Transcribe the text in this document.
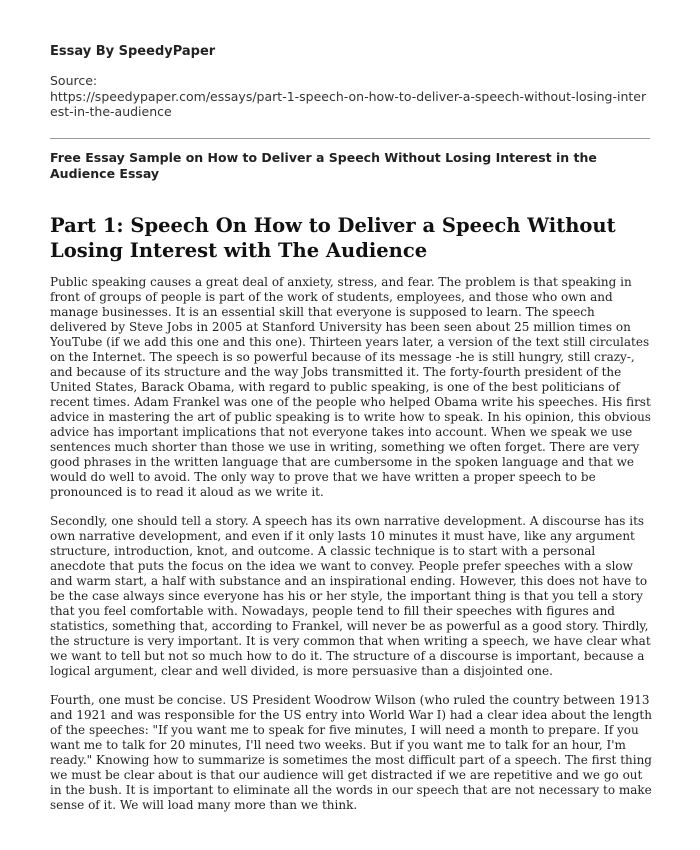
Essay By SpeedyPaper
Source:
https://speedypaper.com/essays/part-1-speech-on-how-to-deliver-a-speech-without-losing-interest-in-the-audience
Free Essay Sample on How to Deliver a Speech Without Losing Interest in the Audience Essay
Part 1: Speech On How to Deliver a Speech Without Losing Interest with The Audience

Public speaking causes a great deal of anxiety, stress, and fear. The problem is that speaking in front of groups of people is part of the work of students, employees, and those who own and manage businesses. It is an essential skill that everyone is supposed to learn. The speech delivered by Steve Jobs in 2005 at Stanford University has been seen about 25 million times on YouTube (if we add this one and this one). Thirteen years later, a version of the text still circulates on the Internet. The speech is so powerful because of its message -he is still hungry, still crazy-, and because of its structure and the way Jobs transmitted it. The forty-fourth president of the United States, Barack Obama, with regard to public speaking, is one of the best politicians of recent times. Adam Frankel was one of the people who helped Obama write his speeches. His first advice in mastering the art of public speaking is to write how to speak. In his opinion, this obvious advice has important implications that not everyone takes into account. When we speak we use sentences much shorter than those we use in writing, something we often forget. There are very good phrases in the written language that are cumbersome in the spoken language and that we would do well to avoid. The only way to prove that we have written a proper speech to be pronounced is to read it aloud as we write it.

Secondly, one should tell a story. A speech has its own narrative development. A discourse has its own narrative development, and even if it only lasts 10 minutes it must have, like any argument structure, introduction, knot, and outcome. A classic technique is to start with a personal anecdote that puts the focus on the idea we want to convey. People prefer speeches with a slow and warm start, a half with substance and an inspirational ending. However, this does not have to be the case always since everyone has his or her style, the important thing is that you tell a story that you feel comfortable with. Nowadays, people tend to fill their speeches with figures and statistics, something that, according to Frankel, will never be as powerful as a good story. Thirdly, the structure is very important. It is very common that when writing a speech, we have clear what we want to tell but not so much how to do it. The structure of a discourse is important, because a logical argument, clear and well divided, is more persuasive than a disjointed one.

Fourth, one must be concise. US President Woodrow Wilson (who ruled the country between 1913 and 1921 and was responsible for the US entry into World War I) had a clear idea about the length of the speeches: "If you want me to speak for five minutes, I will need a month to prepare. If you want me to talk for 20 minutes, I'll need two weeks. But if you want me to talk for an hour, I'm ready." Knowing how to summarize is sometimes the most difficult part of a speech. The first thing we must be clear about is that our audience will get distracted if we are repetitive and we go out in the bush. It is important to eliminate all the words in our speech that are not necessary to make sense of it. We will load many more than we think.
